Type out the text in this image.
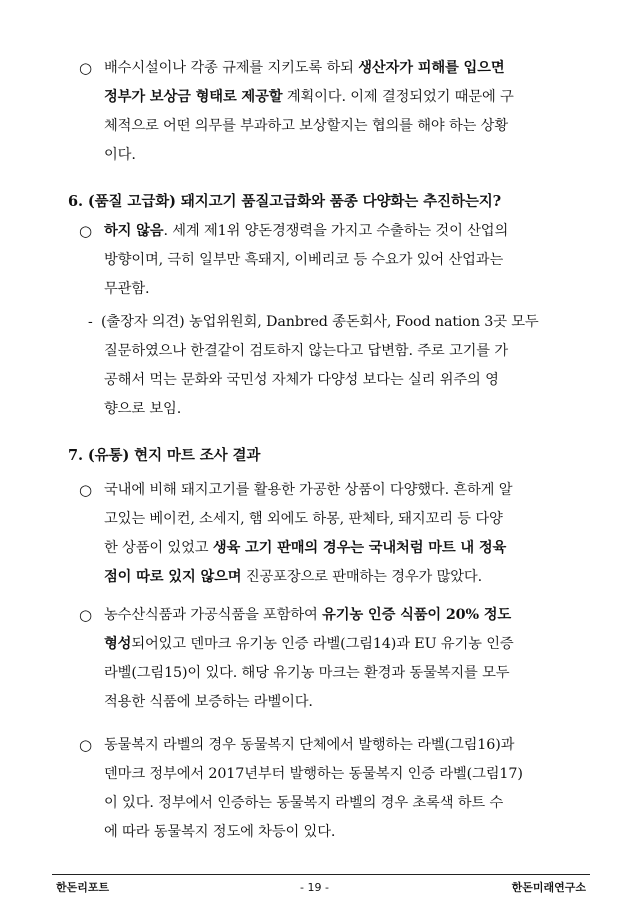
○ 배수시설이나 각종 규제를 지키도록 하되 생산자가 피해를 입으면
정부가 보상금 형태로 제공할 계획이다. 이제 결정되었기 때문에 구
체적으로 어떤 의무를 부과하고 보상할지는 협의를 해야 하는 상황
이다.
6. (품질 고급화) 돼지고기 품질고급화와 품종 다양화는 추진하는지?
○ 하지 않음. 세계 제1위 양돈경쟁력을 가지고 수출하는 것이 산업의
방향이며, 극히 일부만 흑돼지, 이베리코 등 수요가 있어 산업과는
무관함.
- (출장자 의견) 농업위원회, Danbred 종돈회사, Food nation 3곳 모두
질문하였으나 한결같이 검토하지 않는다고 답변함. 주로 고기를 가
공해서 먹는 문화와 국민성 자체가 다양성 보다는 실리 위주의 영
향으로 보임.
7. (유통) 현지 마트 조사 결과
○ 국내에 비해 돼지고기를 활용한 가공한 상품이 다양했다. 흔하게 알
고있는 베이컨, 소세지, 햄 외에도 하몽, 판체타, 돼지꼬리 등 다양
한 상품이 있었고 생육 고기 판매의 경우는 국내처럼 마트 내 정육
점이 따로 있지 않으며 진공포장으로 판매하는 경우가 많았다.
○ 농수산식품과 가공식품을 포함하여 유기농 인증 식품이 20% 정도
형성되어있고 덴마크 유기농 인증 라벨(그림14)과 EU 유기농 인증
라벨(그림15)이 있다. 해당 유기농 마크는 환경과 동물복지를 모두
적용한 식품에 보증하는 라벨이다.
○ 동물복지 라벨의 경우 동물복지 단체에서 발행하는 라벨(그림16)과
덴마크 정부에서 2017년부터 발행하는 동물복지 인증 라벨(그림17)
이 있다. 정부에서 인증하는 동물복지 라벨의 경우 초록색 하트 수
에 따라 동물복지 정도에 차등이 있다.
한돈리포트	- 19 -	한돈미래연구소
